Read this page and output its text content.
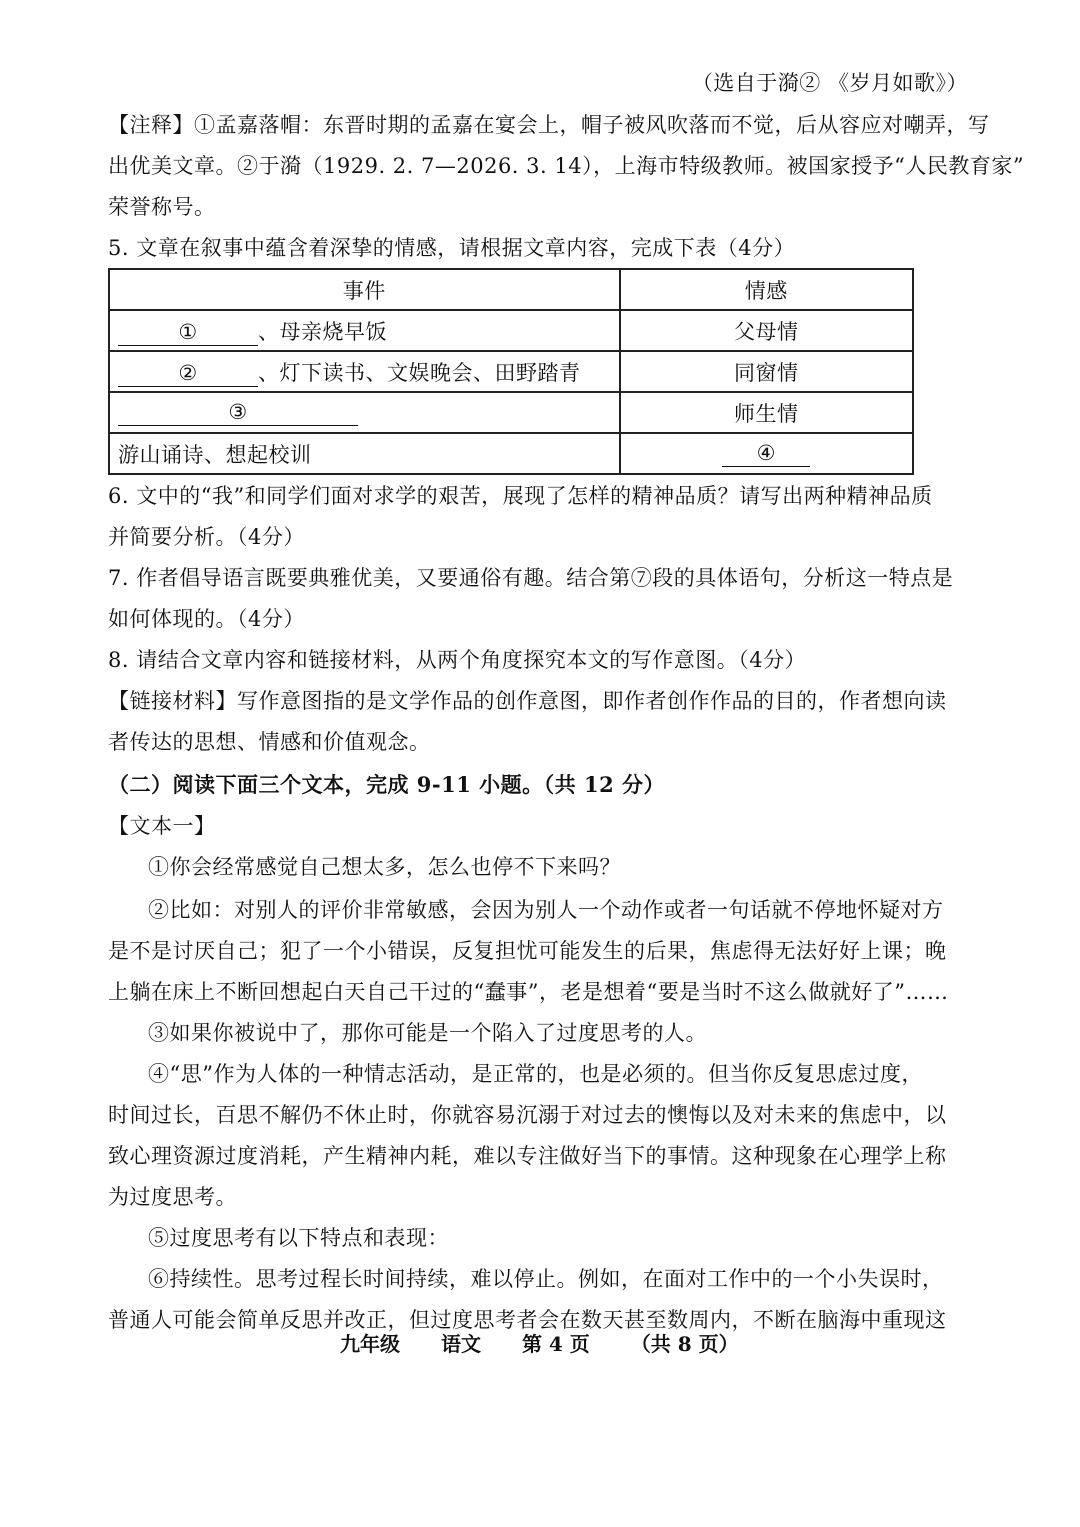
（选自于漪② 《岁月如歌》）
【注释】①孟嘉落帽：东晋时期的孟嘉在宴会上，帽子被风吹落而不觉，后从容应对嘲弄，写
出优美文章。②于漪（1929. 2. 7—2026. 3. 14），上海市特级教师。被国家授予“人民教育家”
荣誉称号。
5. 文章在叙事中蕴含着深挚的情感，请根据文章内容，完成下表（4分）
事件	情感
① 、母亲烧早饭	父母情
② 、灯下读书、文娱晚会、田野踏青	同窗情
③	师生情
游山诵诗、想起校训	④
6. 文中的“我”和同学们面对求学的艰苦，展现了怎样的精神品质？请写出两种精神品质
并简要分析。（4分）
7. 作者倡导语言既要典雅优美，又要通俗有趣。结合第⑦段的具体语句，分析这一特点是
如何体现的。（4分）
8. 请结合文章内容和链接材料，从两个角度探究本文的写作意图。（4分）
【链接材料】写作意图指的是文学作品的创作意图，即作者创作作品的目的，作者想向读
者传达的思想、情感和价值观念。
（二）阅读下面三个文本，完成 9-11 小题。（共 12 分）
【文本一】
①你会经常感觉自己想太多，怎么也停不下来吗？
②比如：对别人的评价非常敏感，会因为别人一个动作或者一句话就不停地怀疑对方
是不是讨厌自己；犯了一个小错误，反复担忧可能发生的后果，焦虑得无法好好上课；晚
上躺在床上不断回想起白天自己干过的“蠢事”，老是想着“要是当时不这么做就好了”……
③如果你被说中了，那你可能是一个陷入了过度思考的人。
④“思”作为人体的一种情志活动，是正常的，也是必须的。但当你反复思虑过度，
时间过长，百思不解仍不休止时，你就容易沉溺于对过去的懊悔以及对未来的焦虑中，以
致心理资源过度消耗，产生精神内耗，难以专注做好当下的事情。这种现象在心理学上称
为过度思考。
⑤过度思考有以下特点和表现：
⑥持续性。思考过程长时间持续，难以停止。例如，在面对工作中的一个小失误时，
普通人可能会简单反思并改正，但过度思考者会在数天甚至数周内，不断在脑海中重现这
九年级 语文 第 4 页 （共 8 页）
